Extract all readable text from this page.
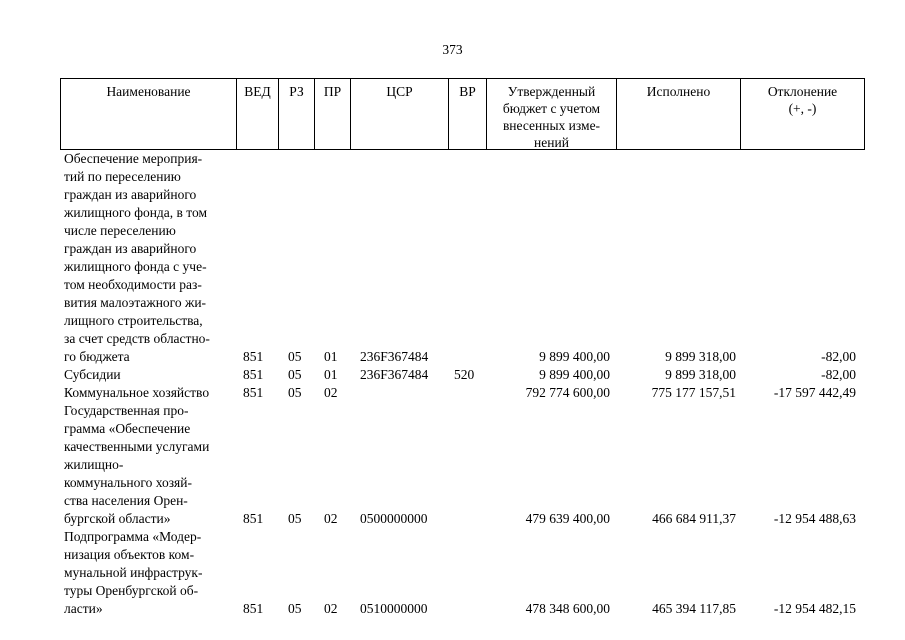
373
Наименование	ВЕД	РЗ	ПР	ЦСР	ВР	Утвержденный
бюджет с учетом
внесенных изме-
нений
Исполнено	Отклонение
(+, -)
Обеспечение мероприя-
тий по переселению
граждан из аварийного
жилищного фонда, в том
числе переселению
граждан из аварийного
жилищного фонда с уче-
том необходимости раз-
вития малоэтажного жи-
лищного строительства,
за счет средств областно-
го бюджета	851 05 01 236F367484	9 899 400,00	9 899 318,00	-82,00
Субсидии	851 05 01 236F367484 520	9 899 400,00	9 899 318,00	-82,00
Коммунальное хозяйство	851 05 02	792 774 600,00	775 177 157,51	-17 597 442,49
Государственная про-
грамма «Обеспечение
качественными услугами
жилищно-
коммунального хозяй-
ства населения Орен-
бургской области»	851 05 02 0500000000	479 639 400,00	466 684 911,37	-12 954 488,63
Подпрограмма «Модер-
низация объектов ком-
мунальной инфраструк-
туры Оренбургской об-
ласти»	851 05 02 0510000000	478 348 600,00	465 394 117,85	-12 954 482,15
